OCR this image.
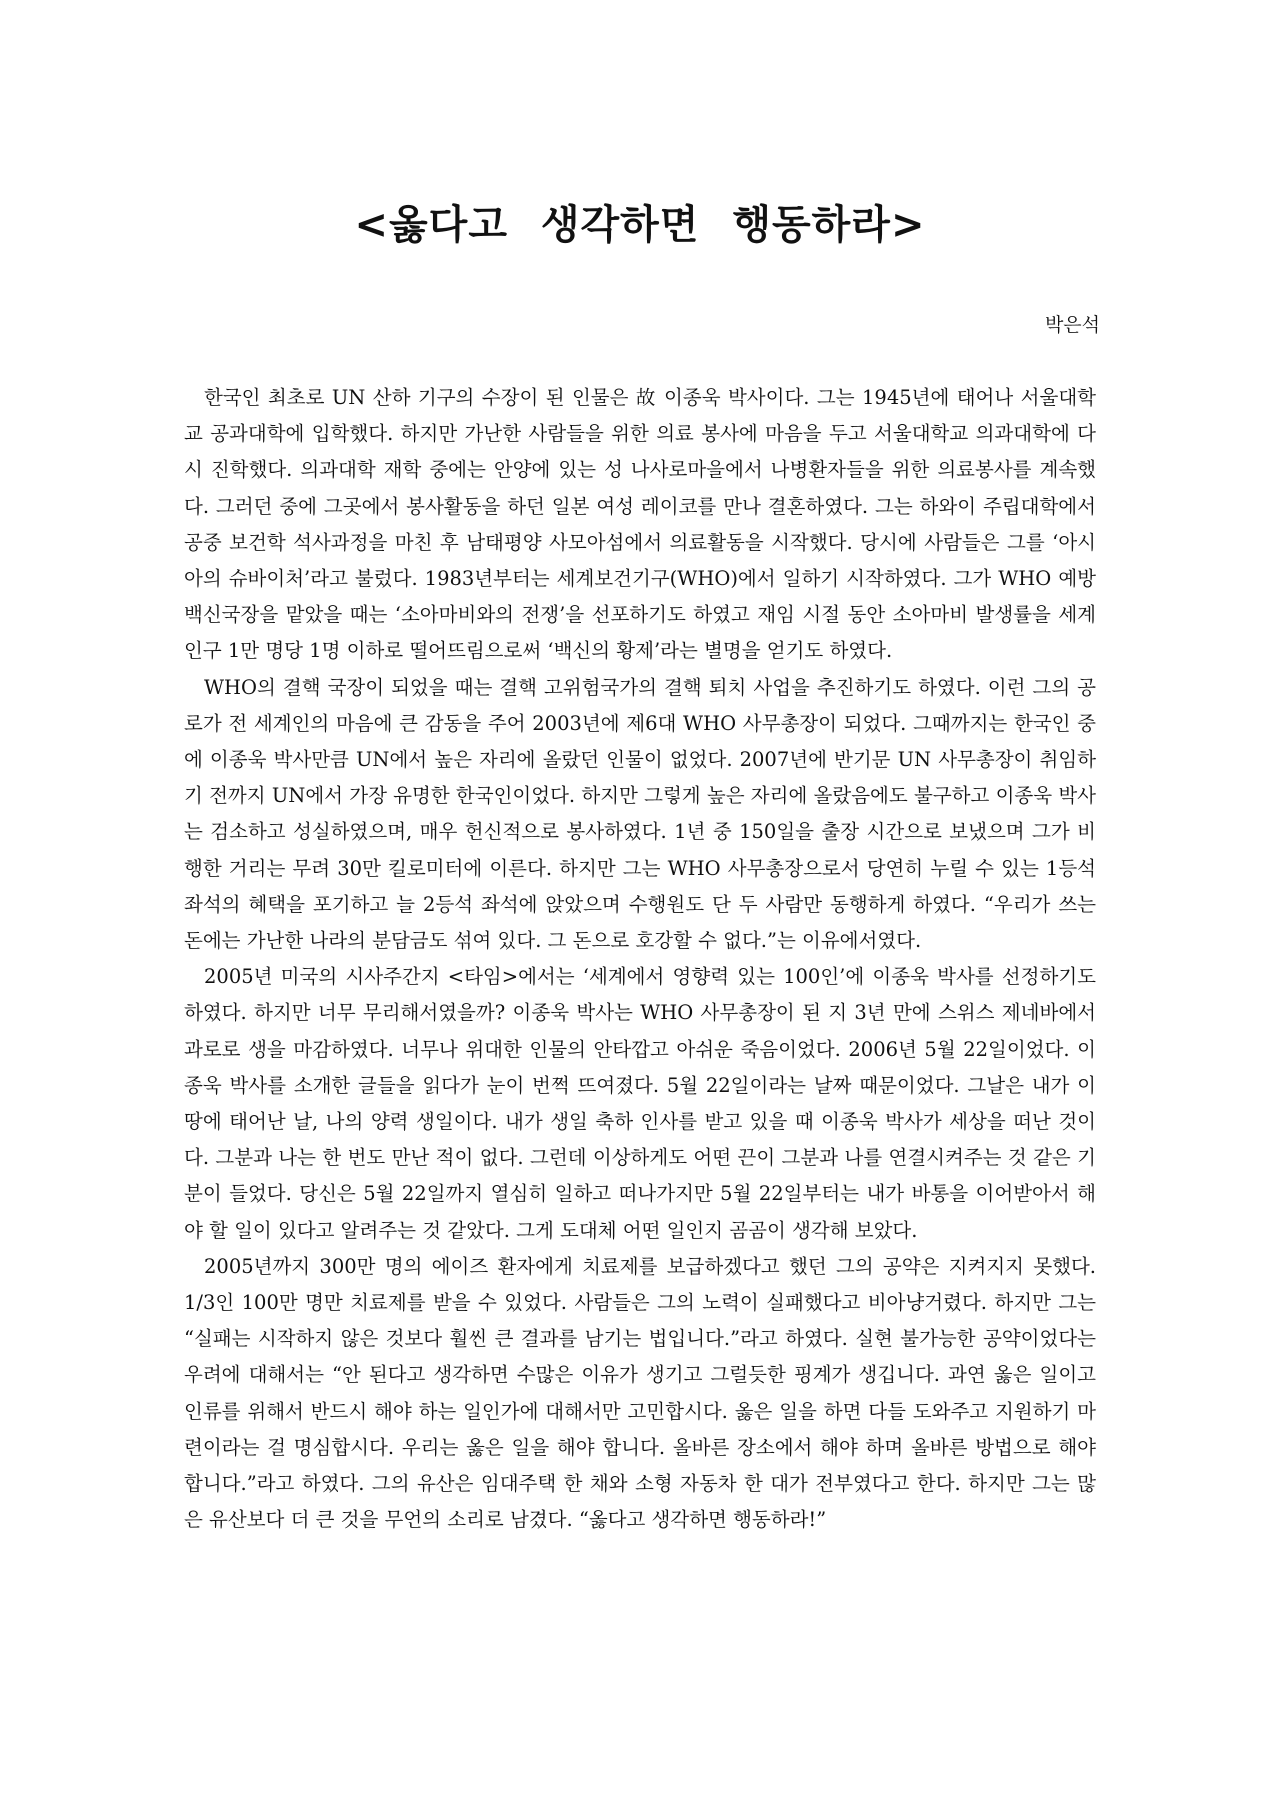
<옳다고 생각하면 행동하라>
박은석

한국인 최초로 UN 산하 기구의 수장이 된 인물은 故 이종욱 박사이다. 그는 1945년에 태어나 서울대학교 공과대학에 입학했다. 하지만 가난한 사람들을 위한 의료 봉사에 마음을 두고 서울대학교 의과대학에 다시 진학했다. 의과대학 재학 중에는 안양에 있는 성 나사로마을에서 나병환자들을 위한 의료봉사를 계속했다. 그러던 중에 그곳에서 봉사활동을 하던 일본 여성 레이코를 만나 결혼하였다. 그는 하와이 주립대학에서 공중 보건학 석사과정을 마친 후 남태평양 사모아섬에서 의료활동을 시작했다. 당시에 사람들은 그를 ‘아시아의 슈바이처’라고 불렀다. 1983년부터는 세계보건기구(WHO)에서 일하기 시작하였다. 그가 WHO 예방백신국장을 맡았을 때는 ‘소아마비와의 전쟁’을 선포하기도 하였고 재임 시절 동안 소아마비 발생률을 세계 인구 1만 명당 1명 이하로 떨어뜨림으로써 ‘백신의 황제’라는 별명을 얻기도 하였다.

WHO의 결핵 국장이 되었을 때는 결핵 고위험국가의 결핵 퇴치 사업을 추진하기도 하였다. 이런 그의 공로가 전 세계인의 마음에 큰 감동을 주어 2003년에 제6대 WHO 사무총장이 되었다. 그때까지는 한국인 중에 이종욱 박사만큼 UN에서 높은 자리에 올랐던 인물이 없었다. 2007년에 반기문 UN 사무총장이 취임하기 전까지 UN에서 가장 유명한 한국인이었다. 하지만 그렇게 높은 자리에 올랐음에도 불구하고 이종욱 박사는 검소하고 성실하였으며, 매우 헌신적으로 봉사하였다. 1년 중 150일을 출장 시간으로 보냈으며 그가 비행한 거리는 무려 30만 킬로미터에 이른다. 하지만 그는 WHO 사무총장으로서 당연히 누릴 수 있는 1등석 좌석의 혜택을 포기하고 늘 2등석 좌석에 앉았으며 수행원도 단 두 사람만 동행하게 하였다. “우리가 쓰는 돈에는 가난한 나라의 분담금도 섞여 있다. 그 돈으로 호강할 수 없다.”는 이유에서였다.

2005년 미국의 시사주간지 <타임>에서는 ‘세계에서 영향력 있는 100인’에 이종욱 박사를 선정하기도 하였다. 하지만 너무 무리해서였을까? 이종욱 박사는 WHO 사무총장이 된 지 3년 만에 스위스 제네바에서 과로로 생을 마감하였다. 너무나 위대한 인물의 안타깝고 아쉬운 죽음이었다. 2006년 5월 22일이었다. 이종욱 박사를 소개한 글들을 읽다가 눈이 번쩍 뜨여졌다. 5월 22일이라는 날짜 때문이었다. 그날은 내가 이 땅에 태어난 날, 나의 양력 생일이다. 내가 생일 축하 인사를 받고 있을 때 이종욱 박사가 세상을 떠난 것이다. 그분과 나는 한 번도 만난 적이 없다. 그런데 이상하게도 어떤 끈이 그분과 나를 연결시켜주는 것 같은 기분이 들었다. 당신은 5월 22일까지 열심히 일하고 떠나가지만 5월 22일부터는 내가 바통을 이어받아서 해야 할 일이 있다고 알려주는 것 같았다. 그게 도대체 어떤 일인지 곰곰이 생각해 보았다.

2005년까지 300만 명의 에이즈 환자에게 치료제를 보급하겠다고 했던 그의 공약은 지켜지지 못했다. 1/3인 100만 명만 치료제를 받을 수 있었다. 사람들은 그의 노력이 실패했다고 비아냥거렸다. 하지만 그는 “실패는 시작하지 않은 것보다 훨씬 큰 결과를 남기는 법입니다.”라고 하였다. 실현 불가능한 공약이었다는 우려에 대해서는 “안 된다고 생각하면 수많은 이유가 생기고 그럴듯한 핑계가 생깁니다. 과연 옳은 일이고 인류를 위해서 반드시 해야 하는 일인가에 대해서만 고민합시다. 옳은 일을 하면 다들 도와주고 지원하기 마련이라는 걸 명심합시다. 우리는 옳은 일을 해야 합니다. 올바른 장소에서 해야 하며 올바른 방법으로 해야 합니다.”라고 하였다. 그의 유산은 임대주택 한 채와 소형 자동차 한 대가 전부였다고 한다. 하지만 그는 많은 유산보다 더 큰 것을 무언의 소리로 남겼다. “옳다고 생각하면 행동하라!”
